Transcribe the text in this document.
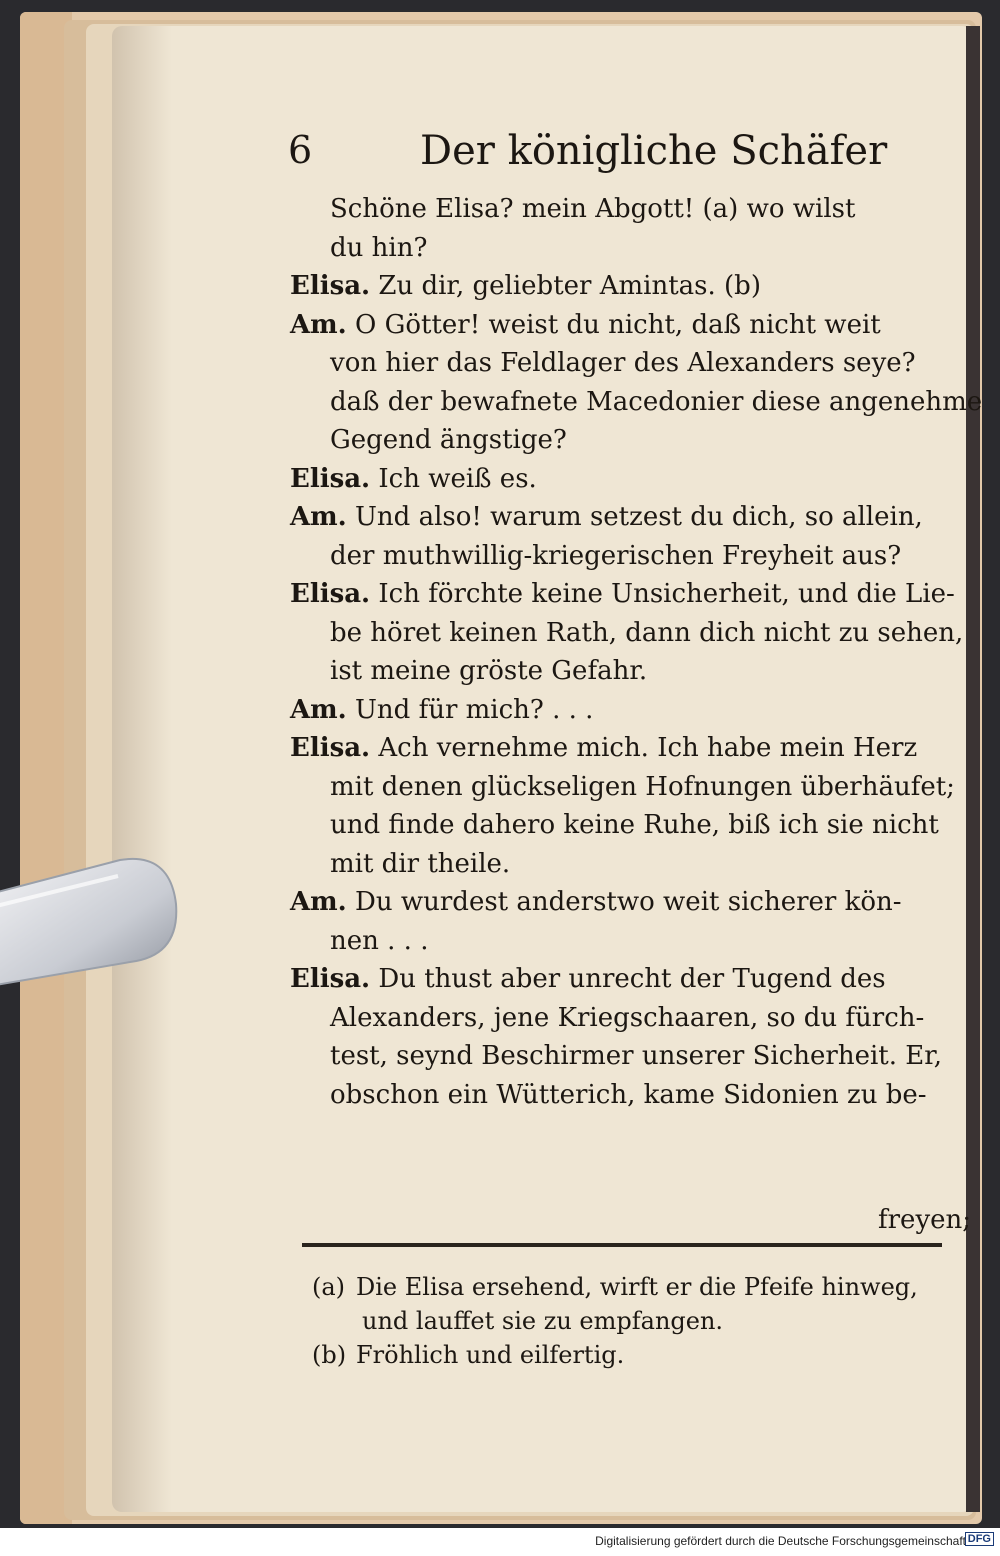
6	Der königliche Schäfer
Schöne Elisa? mein Abgott! (a) wo wilst
du hin?
Elisa. Zu dir, geliebter Amintas. (b)
Am. O Götter! weist du nicht, daß nicht weit
von hier das Feldlager des Alexanders seye?
daß der bewafnete Macedonier diese angenehme
Gegend ängstige?
Elisa. Ich weiß es.
Am. Und also! warum setzest du dich, so allein,
der muthwillig-kriegerischen Freyheit aus?
Elisa. Ich förchte keine Unsicherheit, und die Lie-
be höret keinen Rath, dann dich nicht zu sehen,
ist meine gröste Gefahr.
Am. Und für mich? . . .
Elisa. Ach vernehme mich. Ich habe mein Herz
mit denen glückseligen Hofnungen überhäufet;
und finde dahero keine Ruhe, biß ich sie nicht
mit dir theile.
Am. Du wurdest anderstwo weit sicherer kön-
nen . . .
Elisa. Du thust aber unrecht der Tugend des
Alexanders, jene Kriegschaaren, so du fürch-
test, seynd Beschirmer unserer Sicherheit. Er,
obschon ein Wütterich, kame Sidonien zu be-
freyen;
(a) Die Elisa ersehend, wirft er die Pfeife hinweg,
und lauffet sie zu empfangen.
(b) Fröhlich und eilfertig.
Digitalisierung gefördert durch die Deutsche Forschungsgemeinschaft DFG
